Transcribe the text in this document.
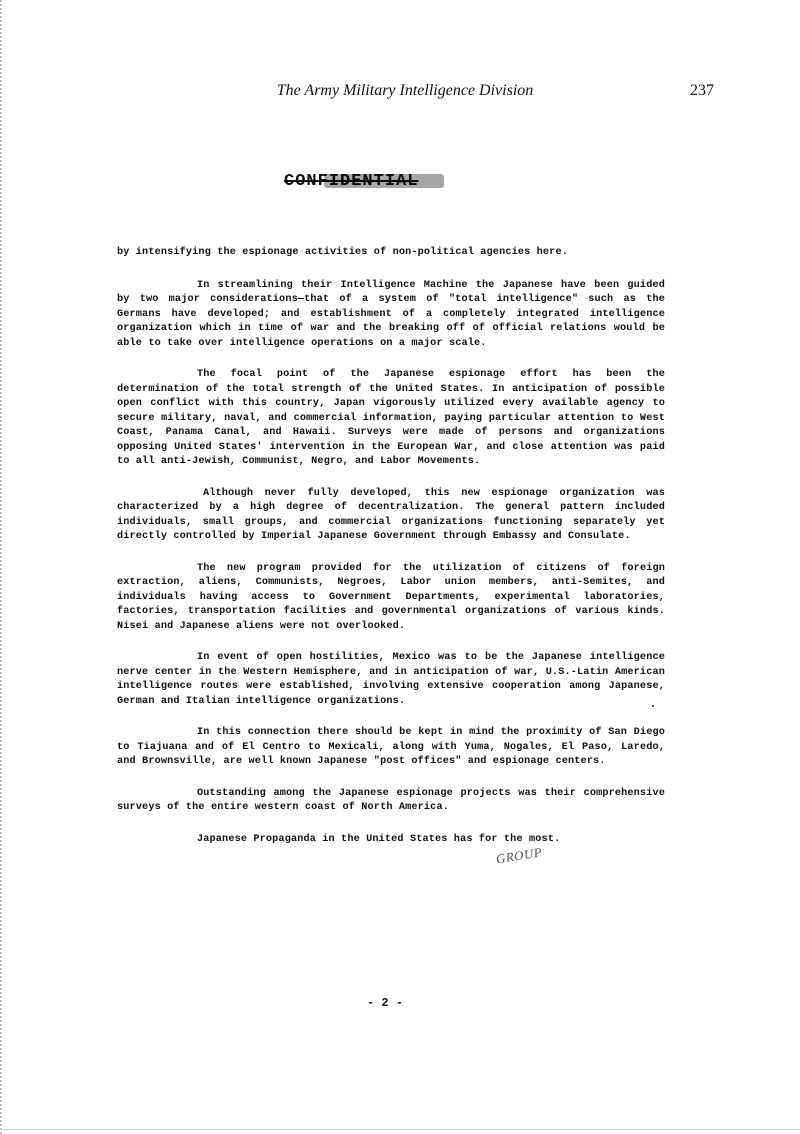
The Army Military Intelligence Division	237
CONFIDENTIAL

by intensifying the espionage activities of non-political agencies here.

In streamlining their Intelligence Machine the Japanese have been guided by two major considerations—that of a system of "total intelligence" such as the Germans have developed; and establishment of a completely integrated intelligence organization which in time of war and the breaking off of official relations would be able to take over intelligence operations on a major scale.

The focal point of the Japanese espionage effort has been the determination of the total strength of the United States. In anticipation of possible open conflict with this country, Japan vigorously utilized every available agency to secure military, naval, and commercial information, paying particular attention to West Coast, Panama Canal, and Hawaii. Surveys were made of persons and organizations opposing United States' intervention in the European War, and close attention was paid to all anti-Jewish, Communist, Negro, and Labor Movements.

Although never fully developed, this new espionage organization was characterized by a high degree of decentralization. The general pattern included individuals, small groups, and commercial organizations functioning separately yet directly controlled by Imperial Japanese Government through Embassy and Consulate.

The new program provided for the utilization of citizens of foreign extraction, aliens, Communists, Negroes, Labor union members, anti-Semites, and individuals having access to Government Departments, experimental laboratories, factories, transportation facilities and governmental organizations of various kinds. Nisei and Japanese aliens were not overlooked.

In event of open hostilities, Mexico was to be the Japanese intelligence nerve center in the Western Hemisphere, and in anticipation of war, U.S.-Latin American intelligence routes were established, involving extensive cooperation among Japanese, German and Italian intelligence organizations.

In this connection there should be kept in mind the proximity of San Diego to Tiajuana and of El Centro to Mexicali, along with Yuma, Nogales, El Paso, Laredo, and Brownsville, are well known Japanese "post offices" and espionage centers.

Outstanding among the Japanese espionage projects was their comprehensive surveys of the entire western coast of North America.

Japanese Propaganda in the United States has for the most.

GROUP
- 2 -
